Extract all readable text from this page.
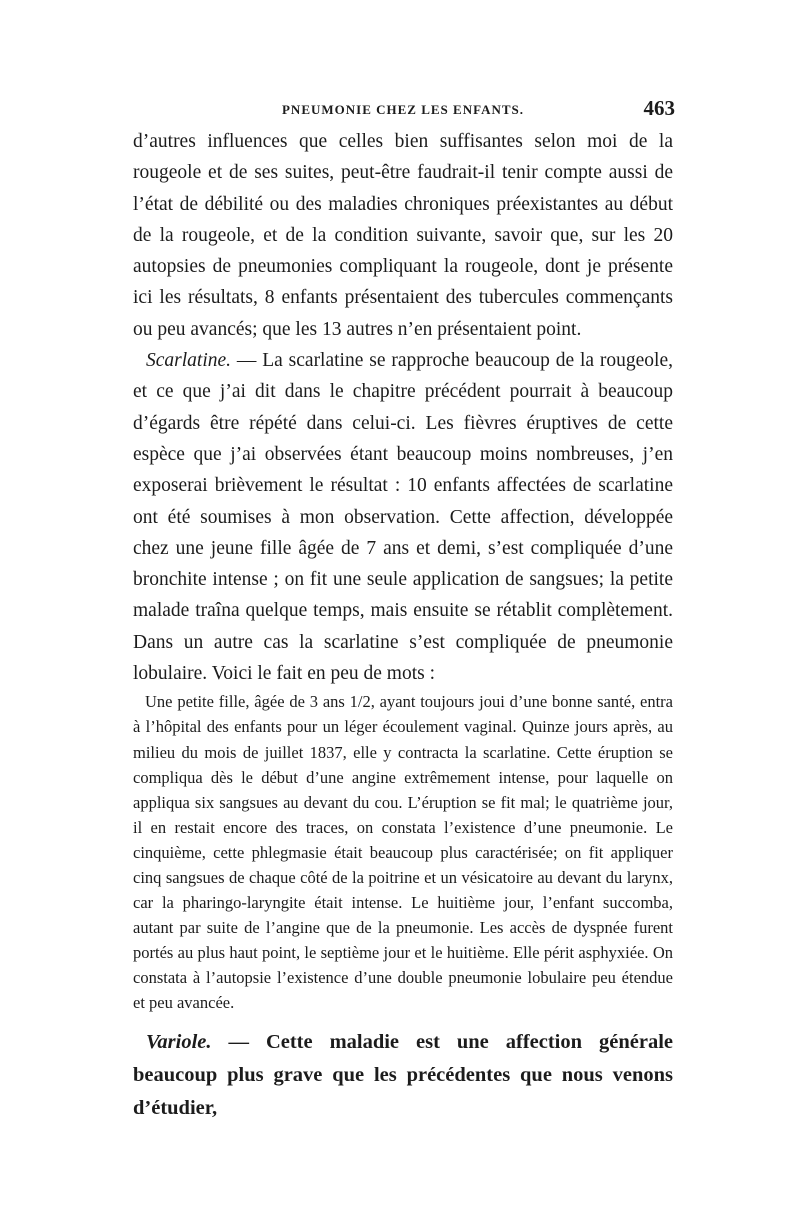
PNEUMONIE CHEZ LES ENFANTS.	463

d’autres influences que celles bien suffisantes selon moi de la rougeole et de ses suites, peut-être faudrait-il tenir compte aussi de l’état de débilité ou des maladies chroniques préexistantes au début de la rougeole, et de la condition suivante, savoir que, sur les 20 autopsies de pneumonies compliquant la rougeole, dont je présente ici les résultats, 8 enfants présentaient des tubercules commençants ou peu avancés; que les 13 autres n’en présentaient point.

Scarlatine. — La scarlatine se rapproche beaucoup de la rougeole, et ce que j’ai dit dans le chapitre précédent pourrait à beaucoup d’égards être répété dans celui-ci. Les fièvres éruptives de cette espèce que j’ai observées étant beaucoup moins nombreuses, j’en exposerai brièvement le résultat : 10 enfants affectées de scarlatine ont été soumises à mon observation. Cette affection, développée chez une jeune fille âgée de 7 ans et demi, s’est compliquée d’une bronchite intense ; on fit une seule application de sangsues; la petite malade traîna quelque temps, mais ensuite se rétablit complètement. Dans un autre cas la scarlatine s’est compliquée de pneumonie lobulaire. Voici le fait en peu de mots :

Une petite fille, âgée de 3 ans 1/2, ayant toujours joui d’une bonne santé, entra à l’hôpital des enfants pour un léger écoulement vaginal. Quinze jours après, au milieu du mois de juillet 1837, elle y contracta la scarlatine. Cette éruption se compliqua dès le début d’une angine extrêmement intense, pour laquelle on appliqua six sangsues au devant du cou. L’éruption se fit mal; le quatrième jour, il en restait encore des traces, on constata l’existence d’une pneumonie. Le cinquième, cette phlegmasie était beaucoup plus caractérisée; on fit appliquer cinq sangsues de chaque côté de la poitrine et un vésicatoire au devant du larynx, car la pharingo-laryngite était intense. Le huitième jour, l’enfant succomba, autant par suite de l’angine que de la pneumonie. Les accès de dyspnée furent portés au plus haut point, le septième jour et le huitième. Elle périt asphyxiée. On constata à l’autopsie l’existence d’une double pneumonie lobulaire peu étendue et peu avancée.

Variole. — Cette maladie est une affection générale beaucoup plus grave que les précédentes que nous venons d’étudier,
